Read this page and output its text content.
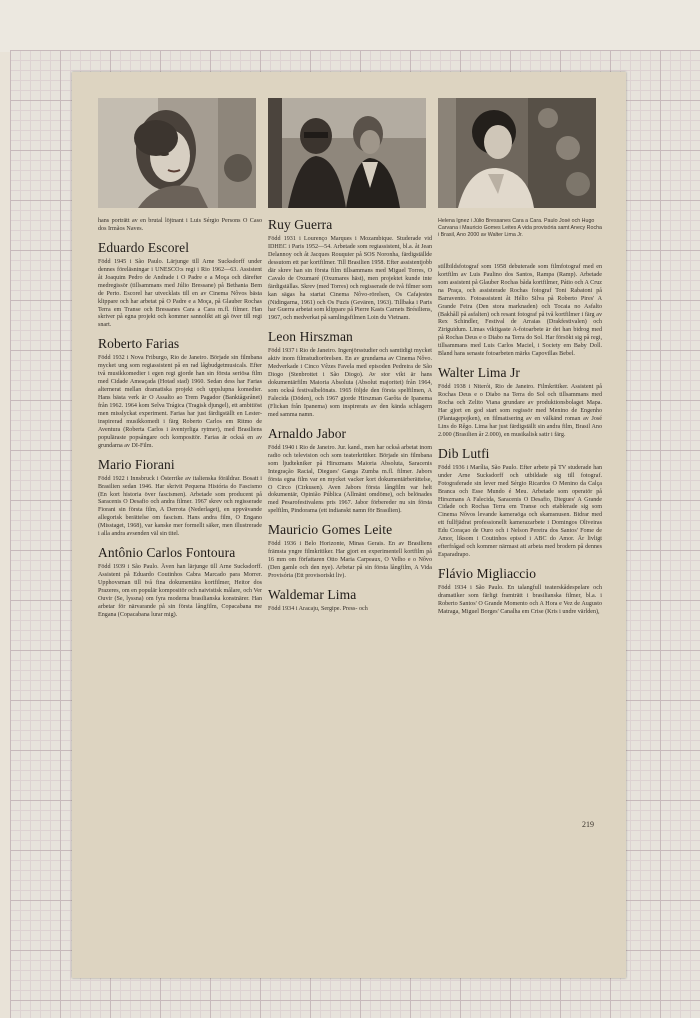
hans porträtt av en brutal löjtnant i Luis Sérgio Persons O Caso dos Irmãos Naves.

Eduardo Escorel

Född 1945 i São Paulo. Lärjunge till Arne Sucksdorff under dennes föreläsningar i UNESCO:s regi i Rio 1962—63. Assistent åt Joaquim Pedro de Andrade i O Padre e a Moça och därefter medregissör (tillsammans med Júlio Bressane) på Bethania Bem de Perto. Escorel har utvecklats till en av Cinema Nôvos bästa klippare och har arbetat på O Padre e a Moça, på Glauber Rochas Terra em Transe och Bressanes Cara a Cara m.fl. filmer. Han skriver på egna projekt och kommer sannolikt att gå över till regi snart.

Roberto Farias

Född 1932 i Nova Friburgo, Rio de Janeiro. Började sin filmbana mycket ung som regiassistent på en rad lågbudgetmusicals. Efter två musikkomedier i egen regi gjorde han sin första seriösa film med Cidade Ameaçada (Hotad stad) 1960. Sedan dess har Farias alternerat mellan dramatiska projekt och uppslupna komedier. Hans bästa verk är O Assalto ao Trem Pagador (Banktågsrånet) från 1962. 1964 kom Selva Trágica (Tragisk djungel), ett ambitiöst men misslyckat experiment. Farias har just färdigställt en Lester-inspirerad musikkomedi i färg Roberto Carlos em Ritmo de Aventura (Roberta Carlos i äventyrliga rytmer), med Brasiliens populäraste popsångare och kompositör. Farias är också en av grundarna av DI-Film.

Mario Fiorani

Född 1922 i Innsbruck i Österrike av italienska föräldrar. Bosatt i Brasilien sedan 1946. Har skrivit Pequena História do Fascismo (En kort historia över fascismen). Arbetade som producent på Saracenis O Desafio och andra filmer. 1967 skrev och regisserade Fiorani sin första film, A Derrota (Nederlaget), en uppvävande allegorisk berättelse om fascism. Hans andra film, O Engano (Misstaget, 1968), var kanske mer formellt säker, men illustrerade i alla andra avsenden väl sin titel.

Antônio Carlos Fontoura

Född 1939 i São Paulo. Även han lärjunge till Arne Sucksdorff. Assistent på Eduardo Coutinhos Cabra Marcado para Morrer. Upphovsman till två fina dokumentära kortfilmer, Heitor dos Prazeres, om en populär kompositör och naivistisk målare, och Ver Ouvir (Se, lyssna) om fyra moderna brasilianska konstnärer. Han arbetar för närvarande på sin första långfilm, Copacabana me Engana (Copacabana lurar mig).

Ruy Guerra

Född 1931 i Lourenço Marques i Mozambique. Studerade vid IDHEC i Paris 1952—54. Arbetade som regiassistent, bl.a. åt Jean Delannoy och åt Jacques Rouquier på SOS Noronha, färdigställde dessutom ett par kortfilmer. Till Brasilien 1958. Efter assistentjobb där skrev han sin första film tillsammans med Miguel Torres, O Cavalo de Oxumaré (Oxumares häst), men projektet kunde inte färdigställas. Skrev (med Torres) och regisserade de två filmer som kan sägas ha startat Cinema Nôvo-rörelsen, Os Cafajestes (Nidingarna, 1961) och Os Fuzis (Gevären, 1963). Tillbaka i Paris har Guerra arbetat som klippare på Pierre Kasts Carnets Brésiliens, 1967, och medverkat på samlingsfilmen Loin du Vietnam.

Leon Hirszman

Född 1937 i Rio de Janeiro. Ingenjörsstudier och samtidigt mycket aktiv inom filmstudiorörelsen. En av grundarna av Cinema Nôvo. Medverkade i Cinco Vêzes Favela med episoden Pedreira de São Diogo (Stenbrottet i São Diogo). Av stor vikt är hans dokumentärfilm Maioria Absoluta (Absolut majoritet) från 1964, som också festivalbelönats. 1965 följde den första spelfilmen, A Falecida (Döden), och 1967 gjorde Hirszman Garôta de Ipanema (Flickan från Ipanema) som inspirerats av den kända schlagern med samma namn.

Arnaldo Jabor

Född 1940 i Rio de Janeiro. Jur. kand., men har också arbetat inom radio och television och som teaterkritiker. Började sin filmbana som ljudtekniker på Hirszmans Maioria Absoluta, Saracenis Integração Racial, Diegues' Ganga Zumba m.fl. filmer. Jabors första egna film var en mycket vacker kort dokumentärberättelse, O Circo (Cirkusen). Aven Jabors första långfilm var helt dokumentär, Opinião Pública (Allmänt omdöme), och belönades med Pesarofestivalens pris 1967. Jabor förbereder nu sin första spelfilm, Pindorama (ett indianskt namn för Brasilien).

Mauricio Gomes Leite

Född 1936 i Belo Horizonte, Minas Gerais. En av Brasiliens främsta yngre filmkritiker. Har gjort en experimentell kortfilm på 16 mm om författaren Otto Maria Carpeaux, O Velho e o Nôvo (Den gamle och den nye). Arbetar på sin första långfilm, A Vida Provisória (Ett provisoriskt liv).

Waldemar Lima

Född 1934 i Aracaju, Sergipe. Press- och

Helena Ignez i Júlio Bressanes Cara a Cara. Paulo José och Hugo Carvana i Mauricio Gomes Leites A vida provisória samt Anecy Rocha i Brasil, Ano 2000 av Walter Lima Jr.

stillbildsfotograf som 1958 debuterade som filmfotograf med en kortfilm av Luis Paulino dos Santos, Rampa (Ramp). Arbetade som assistent på Glauber Rochas båda kortfilmer, Pátio och A Cruz na Praça, och assisterade Rochas fotograf Toni Rabatoni på Barravento. Fotoassistent åt Hélio Silva på Roberto Pires' A Grande Feira (Den stora marknaden) och Tocaia no Asfalto (Bakhåll på asfalten) och resant fotograf på två kortfilmer i färg av Rex Schindler, Festival de Arraias (Drakfestivalen) och Ziriguidum. Limas viktigaste A-fotoarbete är det han bidrog med på Rochas Deus e o Diabo na Terra do Sol. Har försökt sig på regi, tillsammans med Luis Carlos Maciel, i Society em Baby Doll. Bland hans senaste fotoarbeten märks Capovillas Bebel.

Walter Lima Jr

Född 1938 i Niterói, Rio de Janeiro. Filmkritiker. Assistent på Rochas Deus e o Diabo na Terra do Sol och tillsammans med Rocha och Zelito Viana grundare av produktionsbolaget Mapa. Har gjort en god start som regissör med Menino de Engenho (Plantagepojken), en filmatisering av en välkänd roman av José Lins do Rêgo. Lima har just färdigställt sin andra film, Brasil Ano 2.000 (Brasilien år 2.000), en musikalisk satir i färg.

Dib Lutfi

Född 1936 i Marília, São Paulo. Efter arbete på TV studerade han under Arne Sucksdorff och utbildade sig till fotograf. Fotograferade sin lever med Sérgio Ricardos O Menino da Calça Branca och Esse Mundo é Meu. Arbetade som operatör på Hirszmans A Falecida, Saracenis O Desafio, Diegues' A Grande Cidade och Rochas Terra em Transe och etablerade sig som Cinema Nôvos levande kameraöga och skamsnusen. Bidrar med ett fullfjädrat professionellt kamerazarbete i Domingos Oliveiras Edu Coraçao de Ouro och i Nelson Pereira dos Santos' Fome de Amor, liksom i Coutinhos episod i ABC do Amor. Är livligt efterfrågad och kommer närmast att arbeta med brodern på dennes Esparadrapo.

Flávio Migliaccio

Född 1934 i São Paulo. En talangfull teaterskådespelare och dramatiker som färligt framträtt i brasilianska filmer, bl.a. i Roberto Santos' O Grande Momento och A Hora e Vez de Augusto Matraga, Miguel Borges' Canalha em Crise (Kris i undre världen),

219
